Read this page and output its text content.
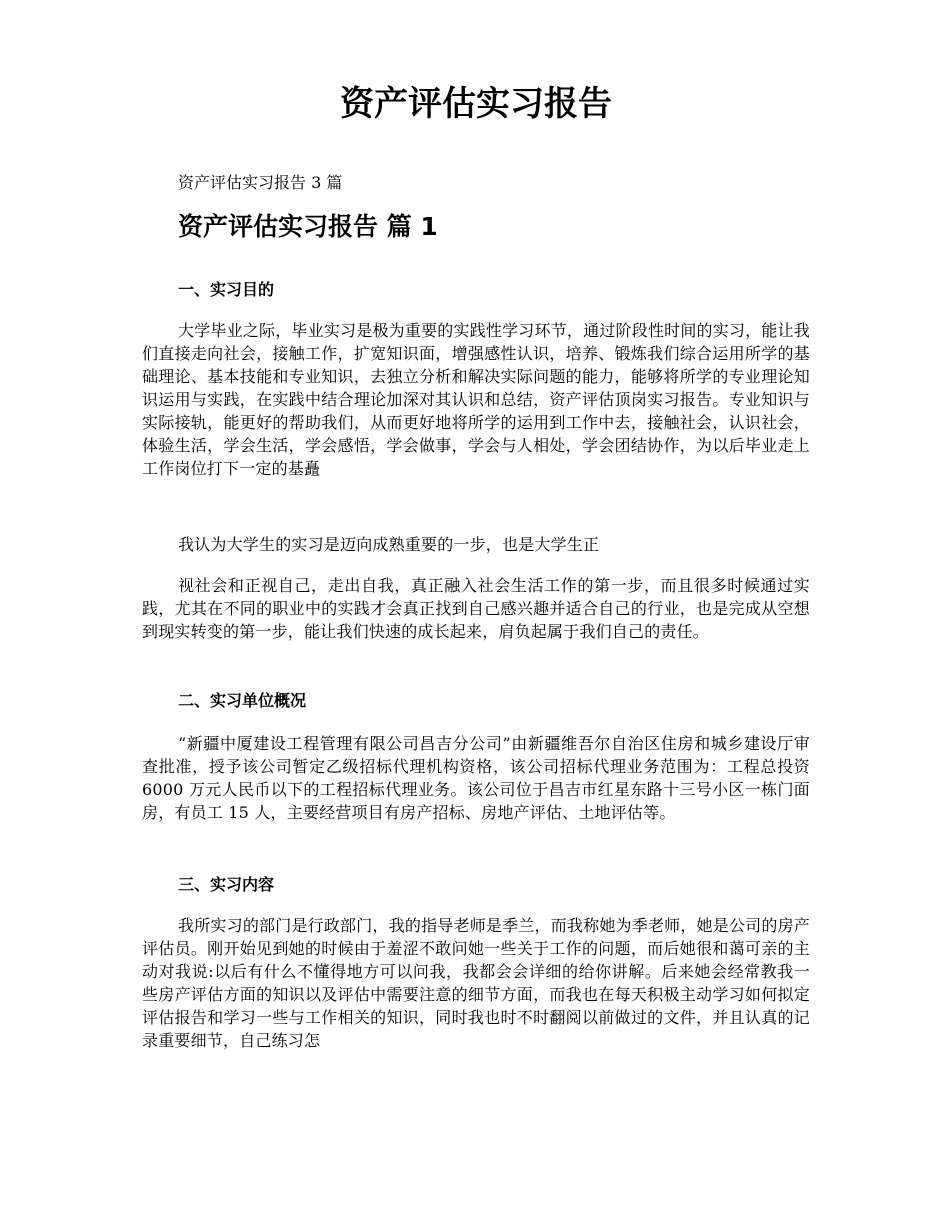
资产评估实习报告

资产评估实习报告 3 篇

资产评估实习报告 篇 1
一、实习目的

大学毕业之际，毕业实习是极为重要的实践性学习环节，通过阶段性时间的实习，能让我们直接走向社会，接触工作，扩宽知识面，增强感性认识，培养、锻炼我们综合运用所学的基础理论、基本技能和专业知识，去独立分析和解决实际问题的能力，能够将所学的专业理论知识运用与实践，在实践中结合理论加深对其认识和总结，资产评估顶岗实习报告。专业知识与实际接轨，能更好的帮助我们，从而更好地将所学的运用到工作中去，接触社会，认识社会，体验生活，学会生活，学会感悟，学会做事，学会与人相处，学会团结协作，为以后毕业走上工作岗位打下一定的基矗

我认为大学生的实习是迈向成熟重要的一步，也是大学生正

视社会和正视自己，走出自我，真正融入社会生活工作的第一步，而且很多时候通过实践，尤其在不同的职业中的实践才会真正找到自己感兴趣并适合自己的行业，也是完成从空想到现实转变的第一步，能让我们快速的成长起来，肩负起属于我们自己的责任。

二、实习单位概况

“新疆中厦建设工程管理有限公司昌吉分公司”由新疆维吾尔自治区住房和城乡建设厅审查批准，授予该公司暂定乙级招标代理机构资格，该公司招标代理业务范围为：工程总投资 6000 万元人民币以下的工程招标代理业务。该公司位于昌吉市红星东路十三号小区一栋门面房，有员工 15 人，主要经营项目有房产招标、房地产评估、土地评估等。

三、实习内容

我所实习的部门是行政部门，我的指导老师是季兰，而我称她为季老师，她是公司的房产评估员。刚开始见到她的时候由于羞涩不敢问她一些关于工作的问题，而后她很和蔼可亲的主动对我说:以后有什么不懂得地方可以问我，我都会会详细的给你讲解。后来她会经常教我一些房产评估方面的知识以及评估中需要注意的细节方面，而我也在每天积极主动学习如何拟定评估报告和学习一些与工作相关的知识，同时我也时不时翻阅以前做过的文件，并且认真的记录重要细节，自己练习怎
